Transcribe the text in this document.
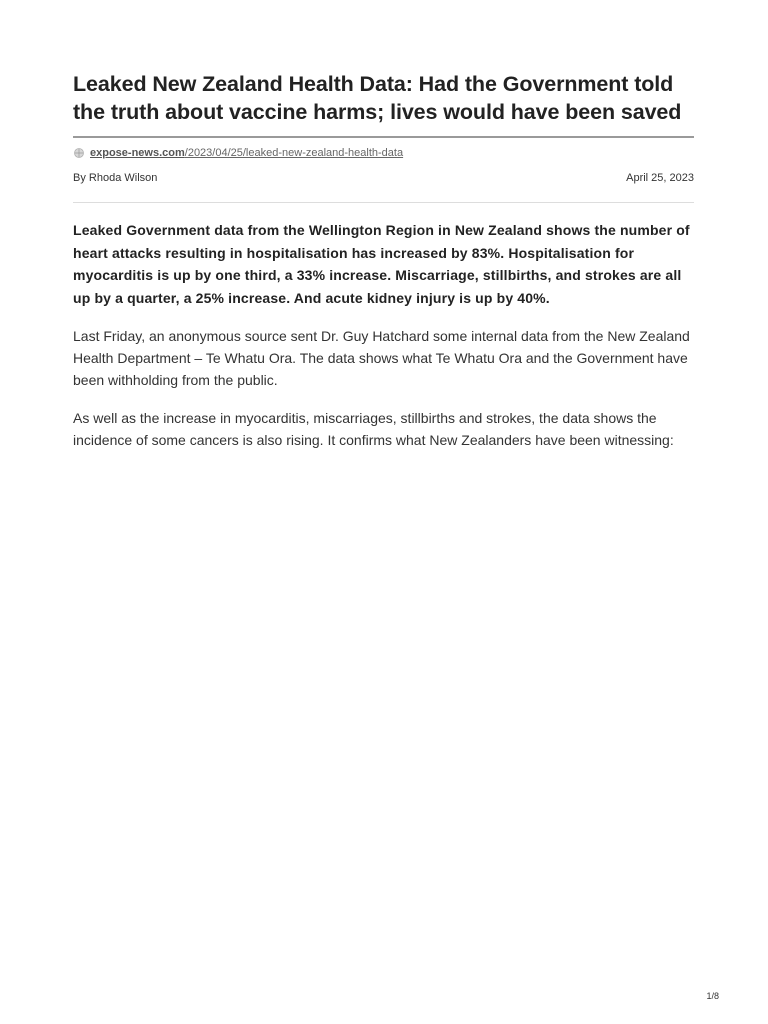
Leaked New Zealand Health Data: Had the Government told the truth about vaccine harms; lives would have been saved
expose-news.com /2023/04/25/leaked-new-zealand-health-data
By Rhoda Wilson	April 25, 2023

Leaked Government data from the Wellington Region in New Zealand shows the number of heart attacks resulting in hospitalisation has increased by 83%. Hospitalisation for myocarditis is up by one third, a 33% increase. Miscarriage, stillbirths, and strokes are all up by a quarter, a 25% increase. And acute kidney injury is up by 40%.

Last Friday, an anonymous source sent Dr. Guy Hatchard some internal data from the New Zealand Health Department – Te Whatu Ora. The data shows what Te Whatu Ora and the Government have been withholding from the public.

As well as the increase in myocarditis, miscarriages, stillbirths and strokes, the data shows the incidence of some cancers is also rising. It confirms what New Zealanders have been witnessing:

1/8
